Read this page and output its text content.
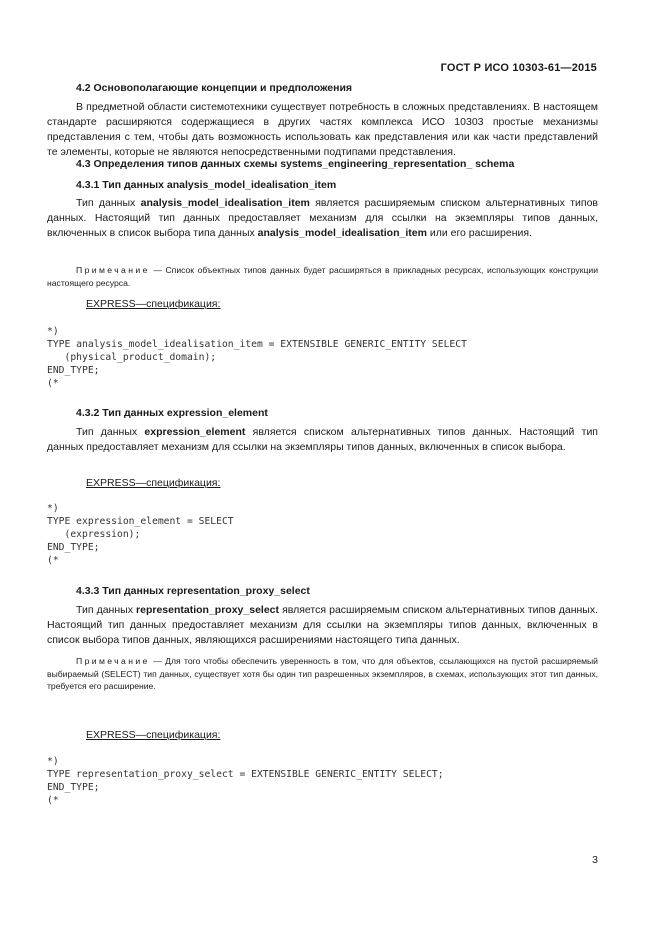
ГОСТ Р ИСО 10303-61—2015
4.2 Основополагающие концепции и предположения
В предметной области системотехники существует потребность в сложных представлениях. В настоящем стандарте расширяются содержащиеся в других частях комплекса ИСО 10303 простые механизмы представления с тем, чтобы дать возможность использовать как представления или как части представлений те элементы, которые не являются непосредственными подтипами представления.
4.3 Определения типов данных схемы systems_engineering_representation_ schema
4.3.1 Тип данных analysis_model_idealisation_item
Тип данных analysis_model_idealisation_item является расширяемым списком альтернативных типов данных. Настоящий тип данных предоставляет механизм для ссылки на экземпляры типов данных, включенных в список выбора типа данных analysis_model_idealisation_item или его расширения.
Примечание — Список объектных типов данных будет расширяться в прикладных ресурсах, использующих конструкции настоящего ресурса.
EXPRESS—спецификация:
*)
TYPE analysis_model_idealisation_item = EXTENSIBLE GENERIC_ENTITY SELECT
(physical_product_domain);
END_TYPE;
(*
4.3.2 Тип данных expression_element
Тип данных expression_element является списком альтернативных типов данных. Настоящий тип данных предоставляет механизм для ссылки на экземпляры типов данных, включенных в список выбора.
EXPRESS—спецификация:
*)
TYPE expression_element = SELECT
(expression);
END_TYPE;
(*
4.3.3 Тип данных representation_proxy_select
Тип данных representation_proxy_select является расширяемым списком альтернативных типов данных. Настоящий тип данных предоставляет механизм для ссылки на экземпляры типов данных, включенных в список выбора типов данных, являющихся расширениями настоящего типа данных.
Примечание — Для того чтобы обеспечить уверенность в том, что для объектов, ссылающихся на пустой расширяемый выбираемый (SELECT) тип данных, существует хотя бы один тип разрешенных экземпляров, в схемах, использующих этот тип данных, требуется его расширение.
EXPRESS—спецификация:
*)
TYPE representation_proxy_select = EXTENSIBLE GENERIC_ENTITY SELECT;
END_TYPE;
(*
3
